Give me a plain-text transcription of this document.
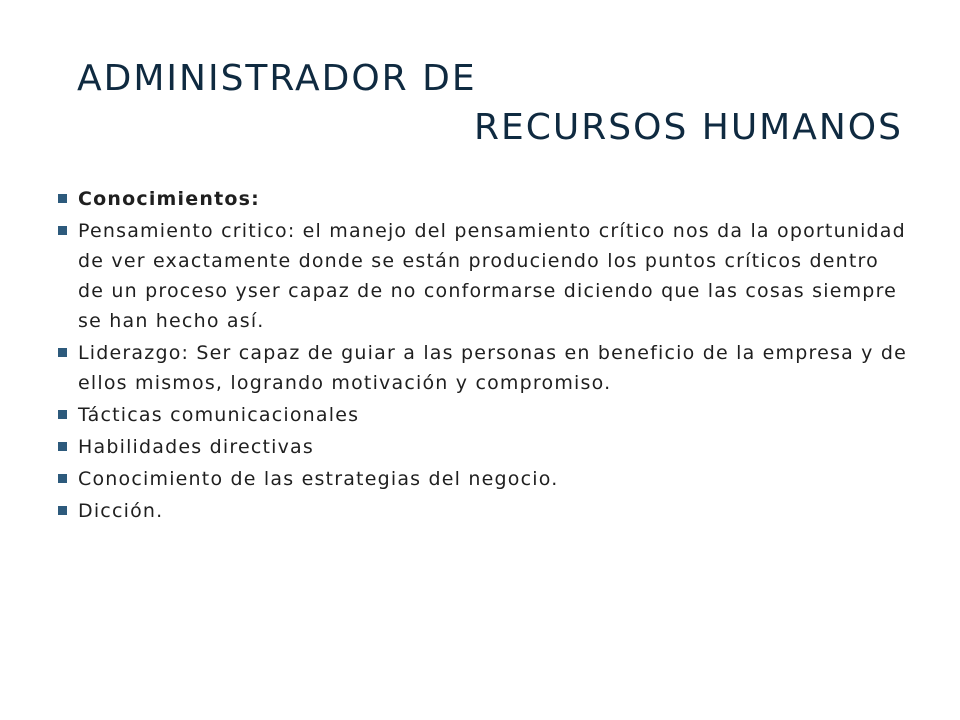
ADMINISTRADOR DE
RECURSOS HUMANOS
Conocimientos:
Pensamiento critico: el manejo del pensamiento crítico nos da la oportunidad de ver exactamente donde se están produciendo los puntos críticos dentro de un proceso yser capaz de no conformarse diciendo que las cosas siempre se han hecho así.
Liderazgo: Ser capaz de guiar a las personas en beneficio de la empresa y de ellos mismos, logrando motivación y compromiso.
Tácticas comunicacionales
Habilidades directivas
Conocimiento de las estrategias del negocio.
Dicción.
